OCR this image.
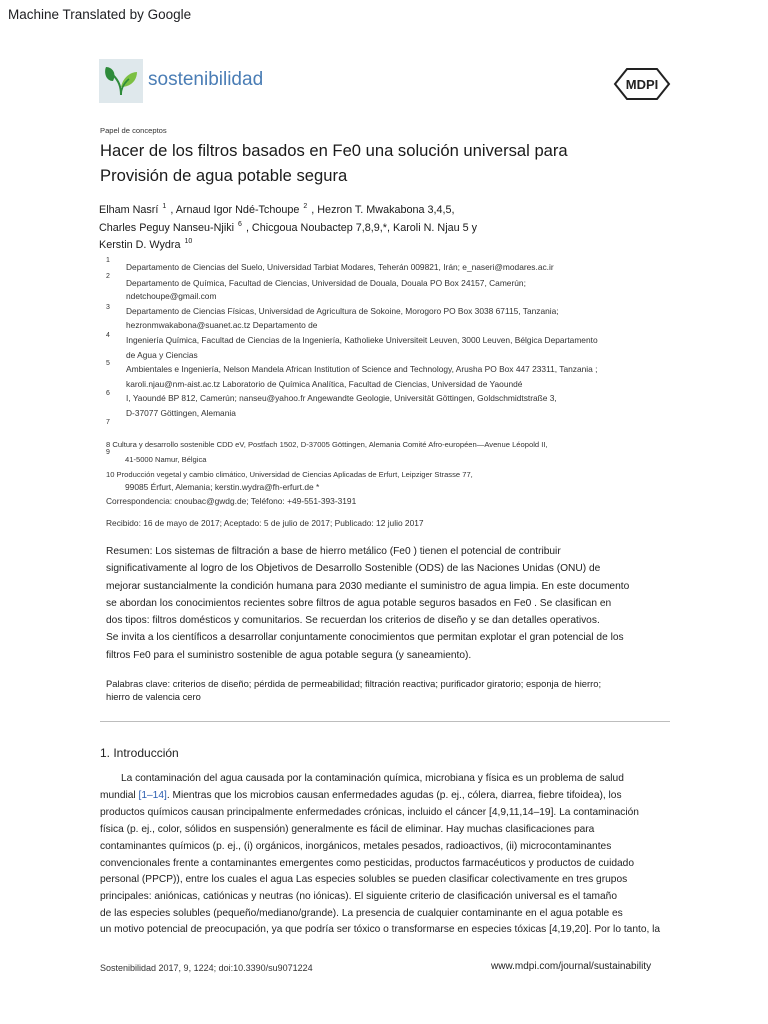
Machine Translated by Google
sostenibilidad	MDPI
Papel de conceptos
Hacer de los filtros basados en Fe0 una solución universal para
Provisión de agua potable segura
Elham Nasrí $^1$ , Arnaud Igor Ndé-Tchoupe $^2$ , Hezron T. Mwakabona 3,4,5,
Charles Peguy Nanseu-Njiki $^6$ , Chicgoua Noubactep 7,8,9,*, Karoli N. Njau 5 y
Kerstin D. Wydra $^{10}$
1
2
3
4
5
6
7
Departamento de Ciencias del Suelo, Universidad Tarbiat Modares, Teherán 009821, Irán; e_naseri@modares.ac.ir
Departamento de Química, Facultad de Ciencias, Universidad de Douala, Douala PO Box 24157, Camerún;
ndetchoupe@gmail.com
Departamento de Ciencias Físicas, Universidad de Agricultura de Sokoine, Morogoro PO Box 3038 67115, Tanzania;
hezronmwakabona@suanet.ac.tz Departamento de
Ingeniería Química, Facultad de Ciencias de la Ingeniería, Katholieke Universiteit Leuven, 3000 Leuven, Bélgica Departamento
de Agua y Ciencias
Ambientales e Ingeniería, Nelson Mandela African Institution of Science and Technology, Arusha PO Box 447 23311, Tanzania ;
karoli.njau@nm-aist.ac.tz Laboratorio de Química Analítica, Facultad de Ciencias, Universidad de Yaoundé
I, Yaoundé BP 812, Camerún; nanseu@yahoo.fr Angewandte Geologie, Universität Göttingen, Goldschmidtstraße 3,
D-37077 Göttingen, Alemania
8 Cultura y desarrollo sostenible CDD eV, Postfach 1502, D-37005 Göttingen, Alemania Comité Afro-européen—Avenue Léopold II,
9
41-5000 Namur, Bélgica
10 Producción vegetal y cambio climático, Universidad de Ciencias Aplicadas de Erfurt, Leipziger Strasse 77,
99085 Érfurt, Alemania; kerstin.wydra@fh-erfurt.de *
Correspondencia: cnoubac@gwdg.de; Teléfono: +49-551-393-3191
Recibido: 16 de mayo de 2017; Aceptado: 5 de julio de 2017; Publicado: 12 julio 2017

Resumen: Los sistemas de filtración a base de hierro metálico (Fe0 ) tienen el potencial de contribuir

significativamente al logro de los Objetivos de Desarrollo Sostenible (ODS) de las Naciones Unidas (ONU) de

mejorar sustancialmente la condición humana para 2030 mediante el suministro de agua limpia. En este documento

se abordan los conocimientos recientes sobre filtros de agua potable seguros basados en Fe0 . Se clasifican en

dos tipos: filtros domésticos y comunitarios. Se recuerdan los criterios de diseño y se dan detalles operativos.

Se invita a los científicos a desarrollar conjuntamente conocimientos que permitan explotar el gran potencial de los

filtros Fe0 para el suministro sostenible de agua potable segura (y saneamiento).

Palabras clave: criterios de diseño; pérdida de permeabilidad; filtración reactiva; purificador giratorio; esponja de hierro;
hierro de valencia cero
1. Introducción
La contaminación del agua causada por la contaminación química, microbiana y física es un problema de salud
mundial [1–14]. Mientras que los microbios causan enfermedades agudas (p. ej., cólera, diarrea, fiebre tifoidea), los
productos químicos causan principalmente enfermedades crónicas, incluido el cáncer [4,9,11,14–19]. La contaminación
física (p. ej., color, sólidos en suspensión) generalmente es fácil de eliminar. Hay muchas clasificaciones para
contaminantes químicos (p. ej., (i) orgánicos, inorgánicos, metales pesados, radioactivos, (ii) microcontaminantes
convencionales frente a contaminantes emergentes como pesticidas, productos farmacéuticos y productos de cuidado
personal (PPCP)), entre los cuales el agua Las especies solubles se pueden clasificar colectivamente en tres grupos
principales: aniónicas, catiónicas y neutras (no iónicas). El siguiente criterio de clasificación universal es el tamaño
de las especies solubles (pequeño/mediano/grande). La presencia de cualquier contaminante en el agua potable es
un motivo potencial de preocupación, ya que podría ser tóxico o transformarse en especies tóxicas [4,19,20]. Por lo tanto, la
Sostenibilidad 2017, 9, 1224; doi:10.3390/su9071224	www.mdpi.com/journal/sustainability
